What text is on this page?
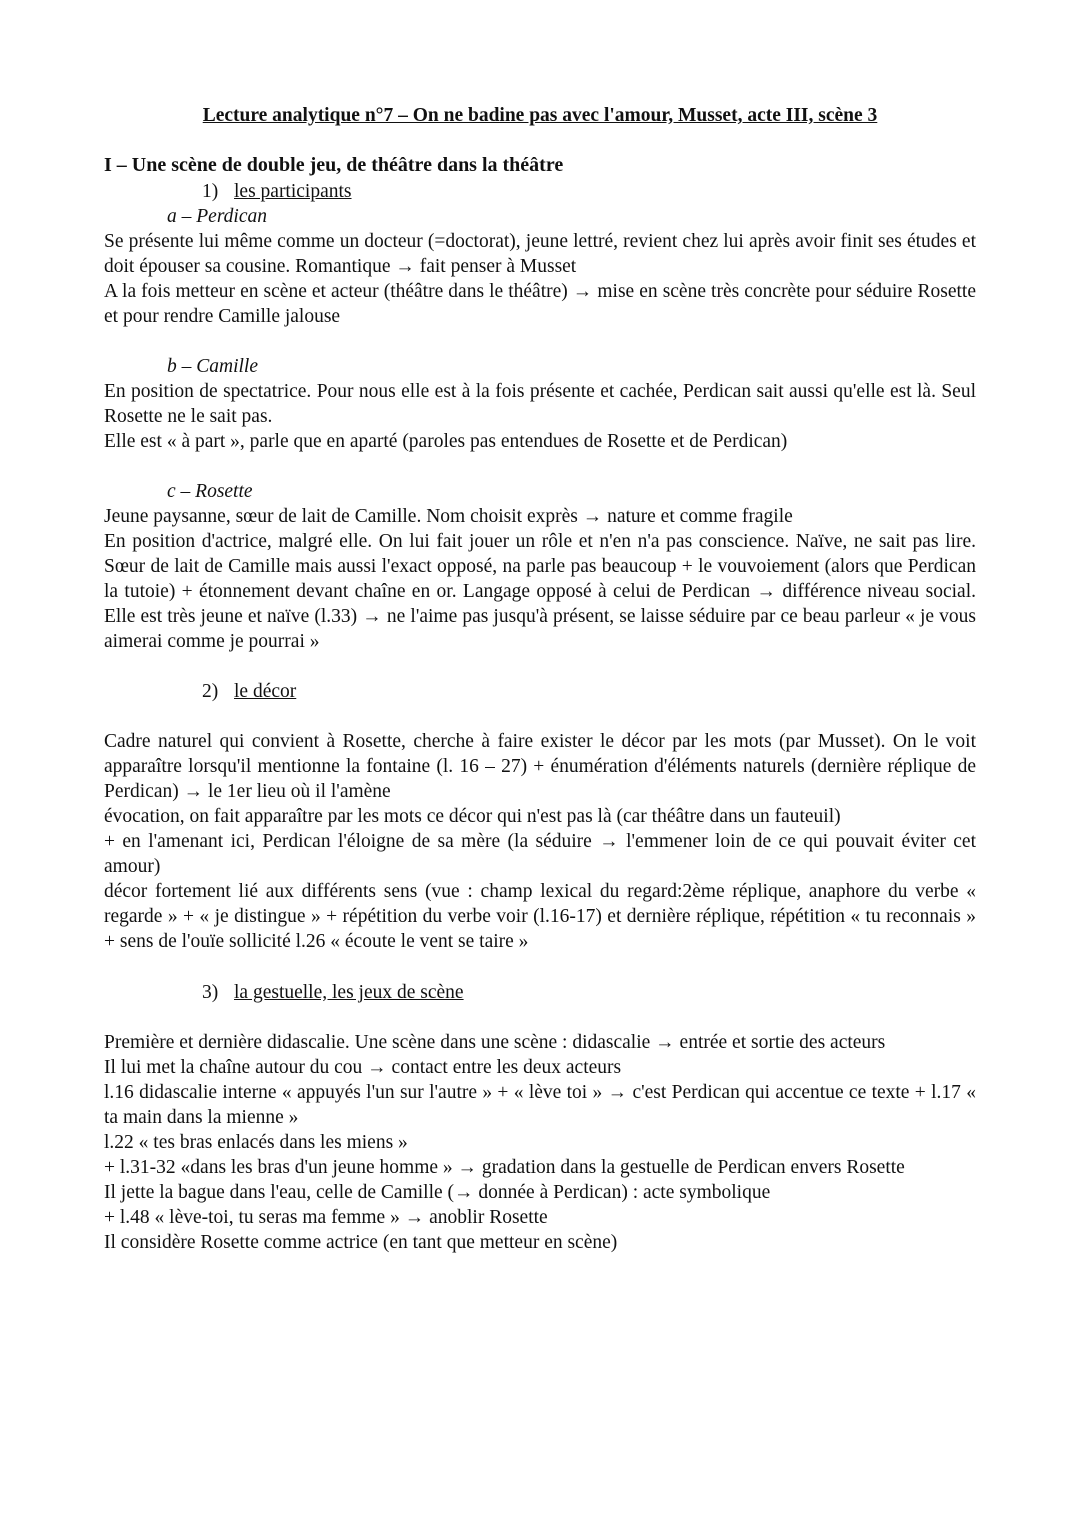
Lecture analytique n°7 – On ne badine pas avec l'amour, Musset, acte III, scène 3
I – Une scène de double jeu, de théâtre dans la théâtre
1) les participants
a – Perdican

Se présente lui même comme un docteur (=doctorat), jeune lettré, revient chez lui après avoir finit ses études et doit épouser sa cousine. Romantique → fait penser à Musset

A la fois metteur en scène et acteur (théâtre dans le théâtre) → mise en scène très concrète pour séduire Rosette et pour rendre Camille jalouse

b – Camille

En position de spectatrice. Pour nous elle est à la fois présente et cachée, Perdican sait aussi qu'elle est là. Seul Rosette ne le sait pas.

Elle est « à part », parle que en aparté (paroles pas entendues de Rosette et de Perdican)

c – Rosette

Jeune paysanne, sœur de lait de Camille. Nom choisit exprès → nature et comme fragile

En position d'actrice, malgré elle. On lui fait jouer un rôle et n'en n'a pas conscience. Naïve, ne sait pas lire. Sœur de lait de Camille mais aussi l'exact opposé, na parle pas beaucoup + le vouvoiement (alors que Perdican la tutoie) + étonnement devant chaîne en or. Langage opposé à celui de Perdican → différence niveau social. Elle est très jeune et naïve (l.33) → ne l'aime pas jusqu'à présent, se laisse séduire par ce beau parleur « je vous aimerai comme je pourrai »

2) le décor

Cadre naturel qui convient à Rosette, cherche à faire exister le décor par les mots (par Musset). On le voit apparaître lorsqu'il mentionne la fontaine (l. 16 – 27) + énumération d'éléments naturels (dernière réplique de Perdican) → le 1er lieu où il l'amène

évocation, on fait apparaître par les mots ce décor qui n'est pas là (car théâtre dans un fauteuil)

+ en l'amenant ici, Perdican l'éloigne de sa mère (la séduire → l'emmener loin de ce qui pouvait éviter cet amour)

décor fortement lié aux différents sens (vue : champ lexical du regard:2ème réplique, anaphore du verbe « regarde » + « je distingue » + répétition du verbe voir (l.16-17) et dernière réplique, répétition « tu reconnais » + sens de l'ouïe sollicité l.26 « écoute le vent se taire »

3) la gestuelle, les jeux de scène

Première et dernière didascalie. Une scène dans une scène : didascalie → entrée et sortie des acteurs

Il lui met la chaîne autour du cou → contact entre les deux acteurs

l.16 didascalie interne « appuyés l'un sur l'autre » + « lève toi » → c'est Perdican qui accentue ce texte + l.17 « ta main dans la mienne »

l.22 « tes bras enlacés dans les miens »

+ l.31-32 «dans les bras d'un jeune homme » → gradation dans la gestuelle de Perdican envers Rosette

Il jette la bague dans l'eau, celle de Camille (→ donnée à Perdican) : acte symbolique

+ l.48 « lève-toi, tu seras ma femme » → anoblir Rosette

Il considère Rosette comme actrice (en tant que metteur en scène)
